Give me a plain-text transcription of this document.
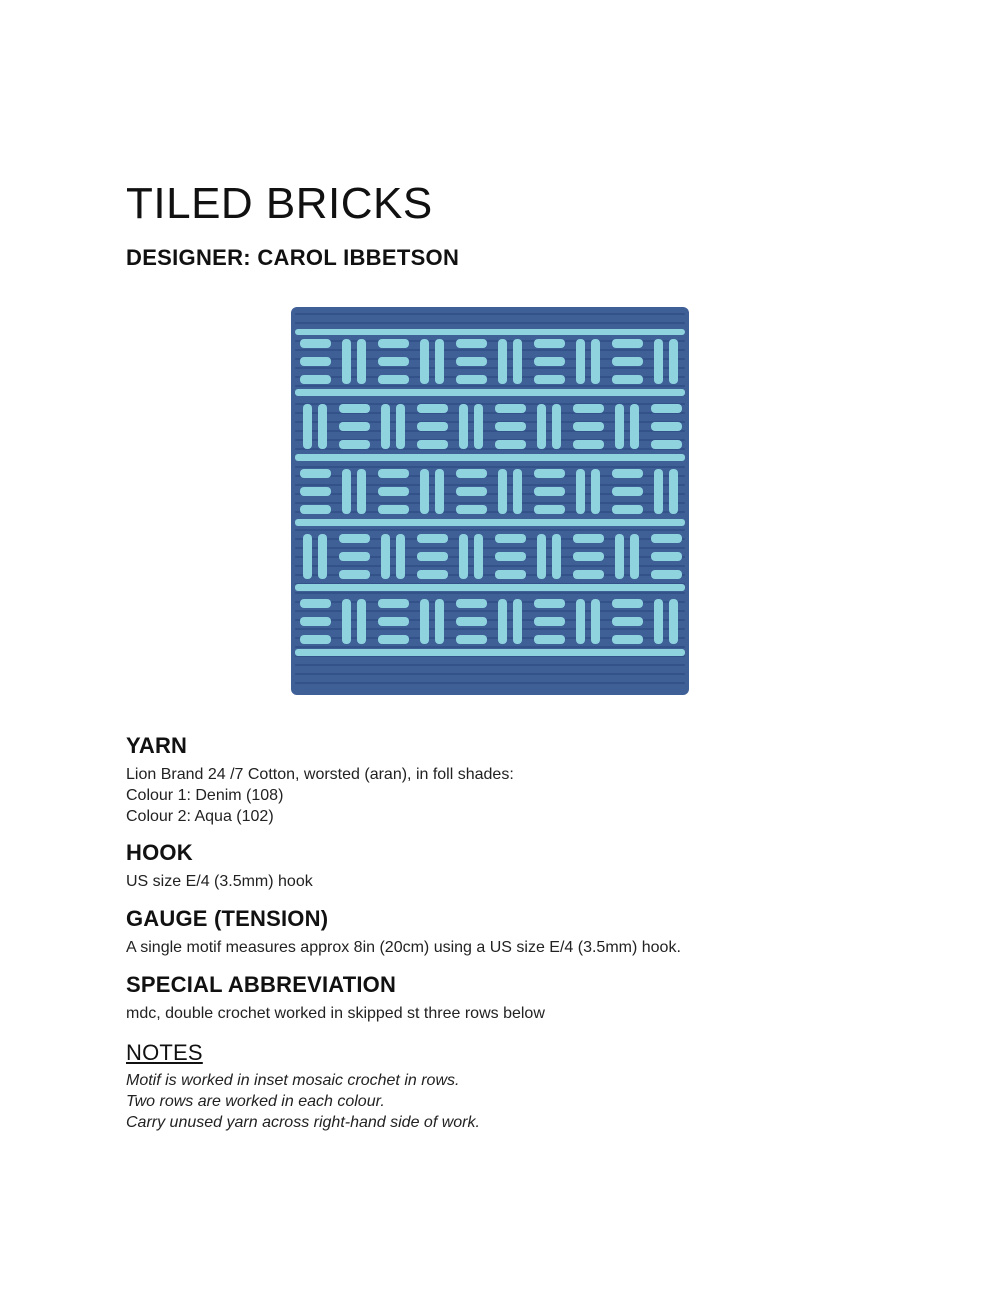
TILED BRICKS
DESIGNER: CAROL IBBETSON
YARN
Lion Brand 24 /7 Cotton, worsted (aran), in foll shades:
Colour 1: Denim (108)
Colour 2: Aqua (102)
HOOK
US size E/4 (3.5mm) hook
GAUGE (TENSION)
A single motif measures approx 8in (20cm) using a US size E/4 (3.5mm) hook.
SPECIAL ABBREVIATION
mdc, double crochet worked in skipped st three rows below
NOTES
Motif is worked in inset mosaic crochet in rows.
Two rows are worked in each colour.
Carry unused yarn across right-hand side of work.
